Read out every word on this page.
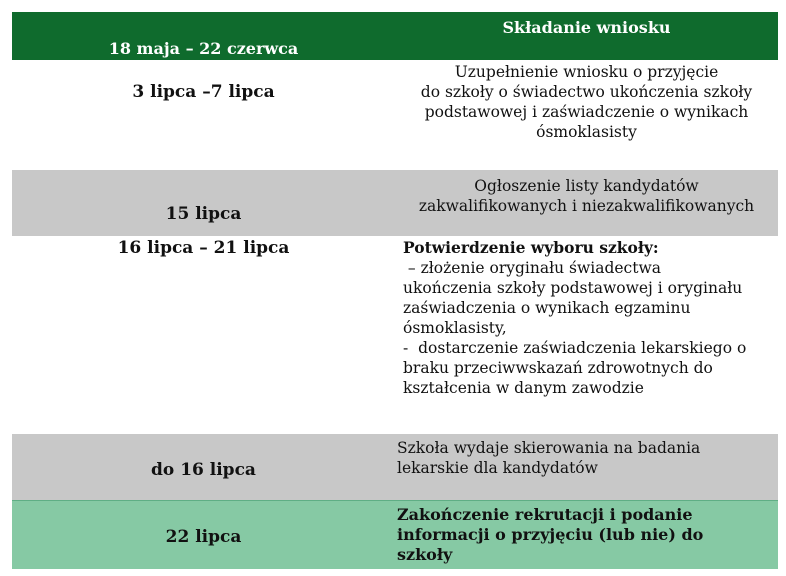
18 maja – 22 czerwca
Składanie wniosku
3 lipca –7 lipca
Uzupełnienie wniosku o przyjęcie
do szkoły o świadectwo ukończenia szkoły
podstawowej i zaświadczenie o wynikach
ósmoklasisty
15 lipca
Ogłoszenie listy kandydatów
zakwalifikowanych i niezakwalifikowanych
16 lipca – 21 lipca	Potwierdzenie wyboru szkoły:
– złożenie oryginału świadectwa
ukończenia szkoły podstawowej i oryginału
zaświadczenia o wynikach egzaminu
ósmoklasisty,
-  dostarczenie zaświadczenia lekarskiego o
braku przeciwwskazań zdrowotnych do
kształcenia w danym zawodzie
do 16 lipca
Szkoła wydaje skierowania na badania
lekarskie dla kandydatów
22 lipca
Zakończenie rekrutacji i podanie
informacji o przyjęciu (lub nie) do
szkoły
